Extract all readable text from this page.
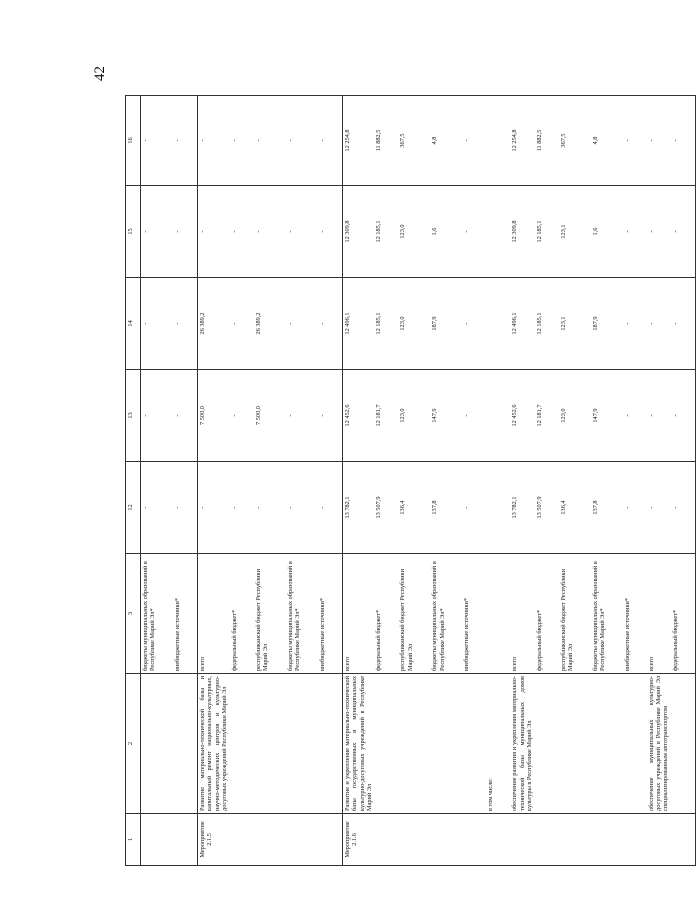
42
1	2	3	12	13	14	15	16
		бюджеты муниципальных образований в Республике Марий Эл*	-	-	-	-	-
		внебюджетные источники*	-	-	-	-	-
Мероприятие 2.1.5	Развитие материально-технической базы и капитальный ремонт национально-культурных, научно-методических центров и культурно-досуговых учреждений Республики Марий Эл	всего	-	7 500,0	26 389,2	-	-
		федеральный бюджет*	-	-	-	-	-
		республиканский бюджет Республики Марий Эл	-	7 500,0	26 389,2	-	-
		бюджеты муниципальных образований в Республике Марий Эл*	-	-	-	-	-
		внебюджетные источники*	-	-	-	-	-
Мероприятие 2.1.6	Развитие и укрепление материально-технической базы государственных и муниципальных культурно-досуговых учреждений в Республике Марий Эл	всего	13 782,1	12 452,6	12 496,1	12 309,8	12 254,8
		федеральный бюджет*	13 507,9	12 181,7	12 185,1	12 185,1	11 882,5
		республиканский бюджет Республики Марий Эл	136,4	123,0	123,0	123,0	367,5
		бюджеты муниципальных образований в Республике Марий Эл*	137,8	147,9	187,9	1,6	4,8
		внебюджетные источники*	-	-	-	-	-
	в том числе:						
	обеспечение развития и укрепления материально-технической базы муниципальных домов культуры в Республике Марий Эл	всего	13 782,1	12 452,6	12 496,1	12 309,8	12 254,8
		федеральный бюджет*	13 507,9	12 181,7	12 185,1	12 185,1	11 882,5
		республиканский бюджет Республики Марий Эл	136,4	123,0	123,1	123,1	367,5
		бюджеты муниципальных образований в Республике Марий Эл*	137,8	147,9	187,9	1,6	4,8
		внебюджетные источники*	-	-	-	-	-
	обеспечение муниципальных культурно-досуговых учреждений в Республике Марий Эл специализированным автотранспортом	всего	-	-	-	-	-
		федеральный бюджет*	-	-	-	-	-
